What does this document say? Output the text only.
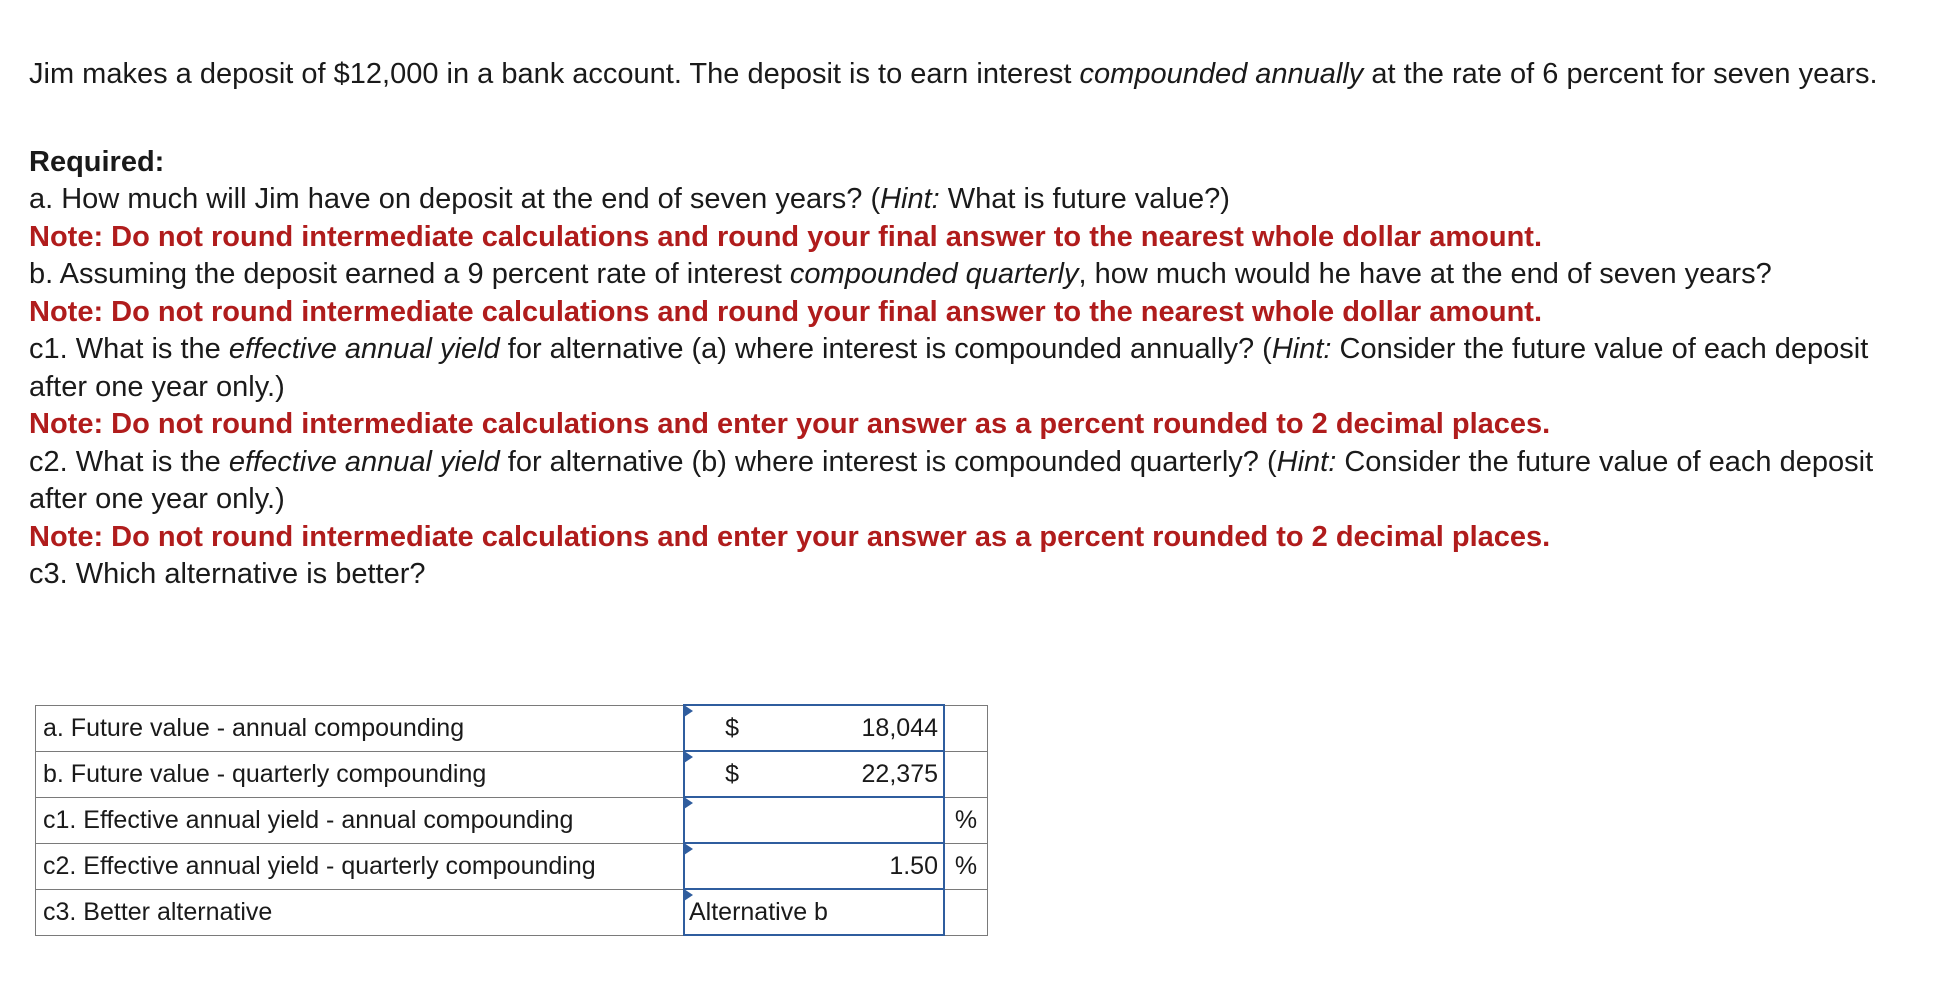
Jim makes a deposit of $12,000 in a bank account. The deposit is to earn interest compounded annually at the rate of 6 percent for seven years.

Required:

a. How much will Jim have on deposit at the end of seven years? (Hint: What is future value?)

Note: Do not round intermediate calculations and round your final answer to the nearest whole dollar amount.

b. Assuming the deposit earned a 9 percent rate of interest compounded quarterly, how much would he have at the end of seven years?

Note: Do not round intermediate calculations and round your final answer to the nearest whole dollar amount.

c1. What is the effective annual yield for alternative (a) where interest is compounded annually? (Hint: Consider the future value of each deposit after one year only.)

Note: Do not round intermediate calculations and enter your answer as a percent rounded to 2 decimal places.

c2. What is the effective annual yield for alternative (b) where interest is compounded quarterly? (Hint: Consider the future value of each deposit after one year only.)

Note: Do not round intermediate calculations and enter your answer as a percent rounded to 2 decimal places.

c3. Which alternative is better?

a. Future value - annual compounding	$ 18,044	

b. Future value - quarterly compounding	$ 22,375	

c1. Effective annual yield - annual compounding		%
c2. Effective annual yield - quarterly compounding	1.50	%
c3. Better alternative	Alternative b	
